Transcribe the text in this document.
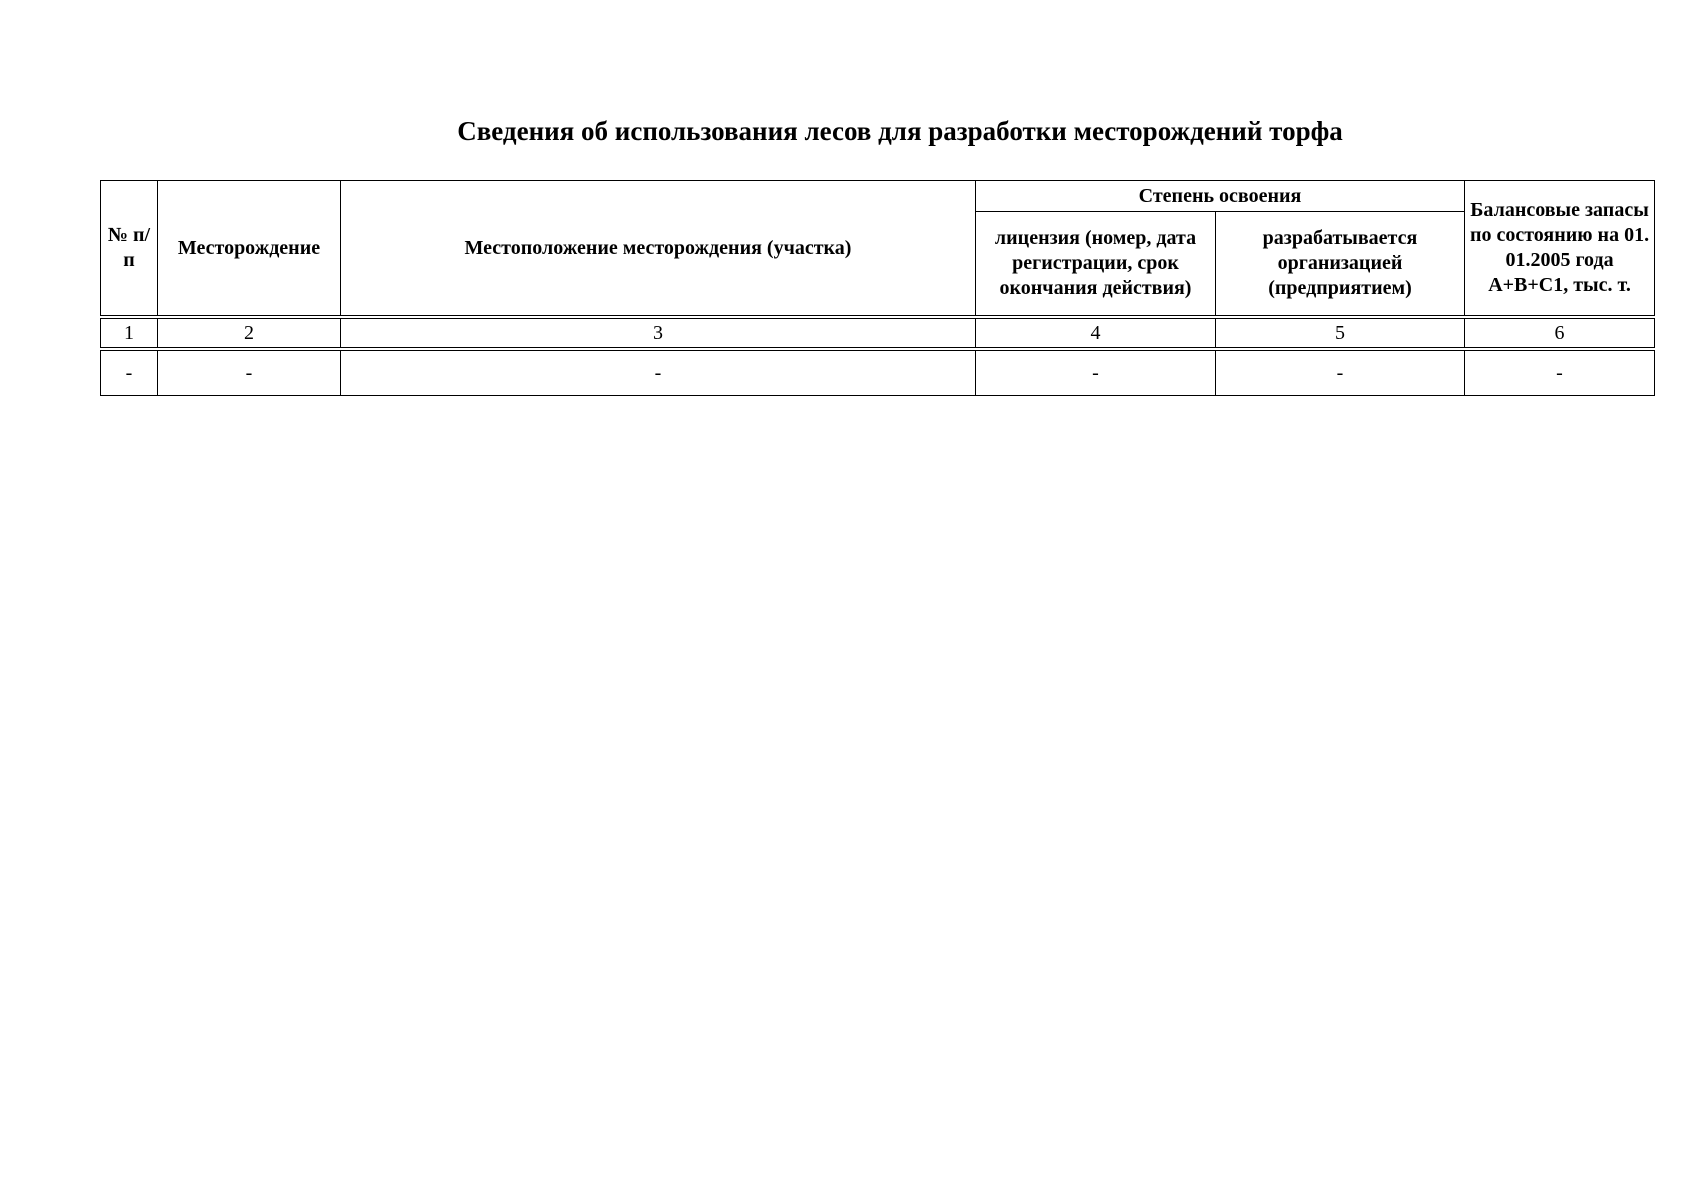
Сведения об использования лесов для разработки месторождений торфа
№ п/п	Месторождение	Местоположение месторождения (участка)	Степень освоения		Балансовые запасы по состоянию на 01. 01.2005 года А+В+С1, тыс. т.
			лицензия (номер, дата регистрации, срок окончания действия)	разрабатывается организацией (предприятием)	
1	2	3	4	5	6
-	-	-	-	-	-
